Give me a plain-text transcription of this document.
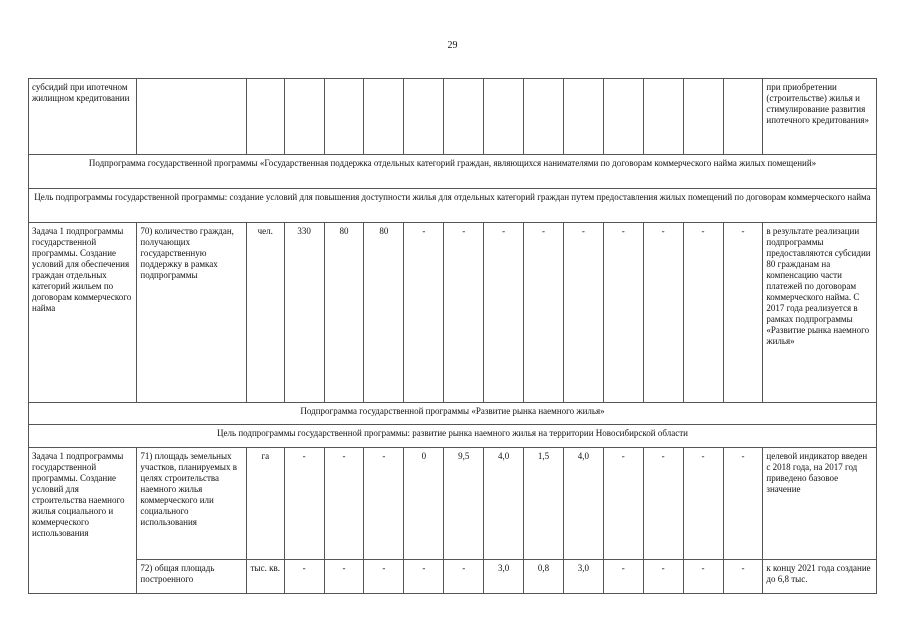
29
субсидий при ипотечном жилищном кредитовании															при приобретении (строительстве) жилья и стимулирование развития ипотечного кредитования»
Подпрограмма государственной программы «Государственная поддержка отдельных категорий граждан, являющихся нанимателями по договорам коммерческого найма жилых помещений»															
Цель подпрограммы государственной программы: создание условий для повышения доступности жилья для отдельных категорий граждан путем предоставления жилых помещений по договорам коммерческого найма															
Задача 1 подпрограммы государственной программы. Создание условий для обеспечения граждан отдельных категорий жильем по договорам коммерческого найма	70) количество граждан, получающих государственную поддержку в рамках подпрограммы	чел.	330	80	80	-	-	-	-	-	-	-	-	-	в результате реализации подпрограммы предоставляются субсидии 80 гражданам на компенсацию части платежей по договорам коммерческого найма. С 2017 года реализуется в рамках подпрограммы «Развитие рынка наемного жилья»
Подпрограмма государственной программы «Развитие рынка наемного жилья»															
Цель подпрограммы государственной программы: развитие рынка наемного жилья на территории Новосибирской области															
Задача 1 подпрограммы государственной программы. Создание условий для строительства наемного жилья социального и коммерческого использования	71) площадь земельных участков, планируемых в целях строительства наемного жилья коммерческого или социального использования	га	-	-	-	0	9,5	4,0	1,5	4,0	-	-	-	-	целевой индикатор введен с 2018 года, на 2017 год приведено базовое значение
	72) общая площадь построенного	тыс. кв.	-	-	-	-	-	3,0	0,8	3,0	-	-	-	-	к концу 2021 года создание до 6,8 тыс.
